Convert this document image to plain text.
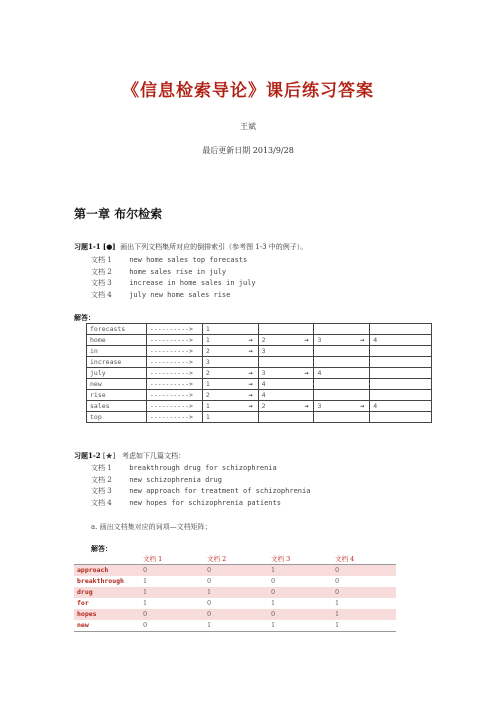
《信息检索导论》课后练习答案
王斌
最后更新日期 2013/9/28
第一章 布尔检索
习题1-1 [●] 画出下列文档集所对应的倒排索引（参考图 1-3 中的例子）。
文档 1	new home sales top forecasts
文档 2	home sales rise in july
文档 3	increase in home sales in july
文档 4	july new home sales rise
解答：
forecasts	---------->	1			
home	---------->	1 →	2 →	3 →	4
in	---------->	2 →	3		
increase	---------->	3			
july	---------->	2 →	3 →	4	
new	---------->	1 →	4		
rise	---------->	2 →	4		
sales	---------->	1 →	2 →	3 →	4
top	---------->	1			
习题1-2 [★] 考虑如下几篇文档：
文档 1	breakthrough drug for schizophrenia
文档 2	new schizophrenia drug
文档 3	new approach for treatment of schizophrenia
文档 4	new hopes for schizophrenia patients
a. 画出文档集对应的词项—文档矩阵；
解答：
	文档 1	文档 2	文档 3	文档 4
approach	0	0	1	0
breakthrough	1	0	0	0
drug	1	1	0	0
for	1	0	1	1
hopes	0	0	0	1
new	0	1	1	1
